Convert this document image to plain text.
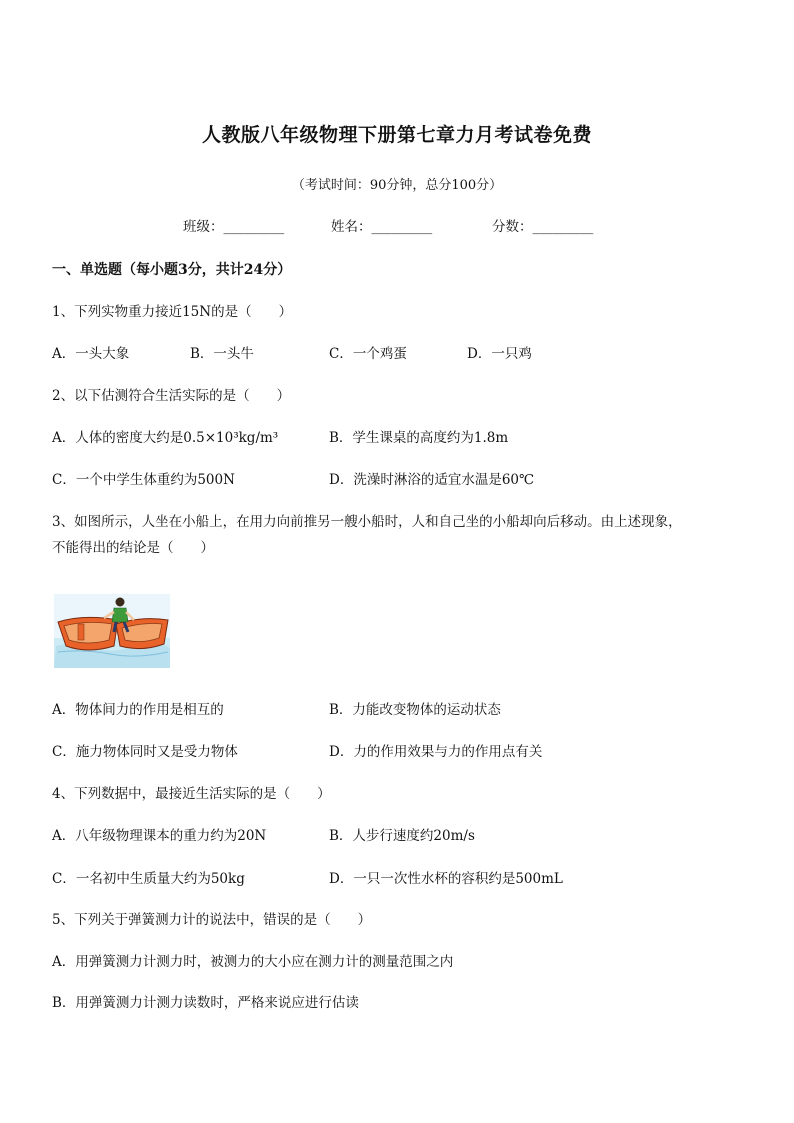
人教版八年级物理下册第七章力月考试卷免费
（考试时间：90分钟，总分100分）
班级：_________	姓名：_________	分数：_________
一、单选题（每小题3分，共计24分）
1、下列实物重力接近15N的是（　　）
A．一头大象	B．一头牛	C．一个鸡蛋	D．一只鸡
2、以下估测符合生活实际的是（　　）
A．人体的密度大约是0.5×10³kg/m³	B．学生课桌的高度约为1.8m
C．一个中学生体重约为500N	D．洗澡时淋浴的适宜水温是60℃
3、如图所示，人坐在小船上，在用力向前推另一艘小船时，人和自己坐的小船却向后移动。由上述现象，
不能得出的结论是（　　）
A．物体间力的作用是相互的	B．力能改变物体的运动状态
C．施力物体同时又是受力物体	D．力的作用效果与力的作用点有关
4、下列数据中，最接近生活实际的是（　　）
A．八年级物理课本的重力约为20N	B．人步行速度约20m/s
C．一名初中生质量大约为50kg	D．一只一次性水杯的容积约是500mL
5、下列关于弹簧测力计的说法中，错误的是（　　）
A．用弹簧测力计测力时，被测力的大小应在测力计的测量范围之内
B．用弹簧测力计测力读数时，严格来说应进行估读
